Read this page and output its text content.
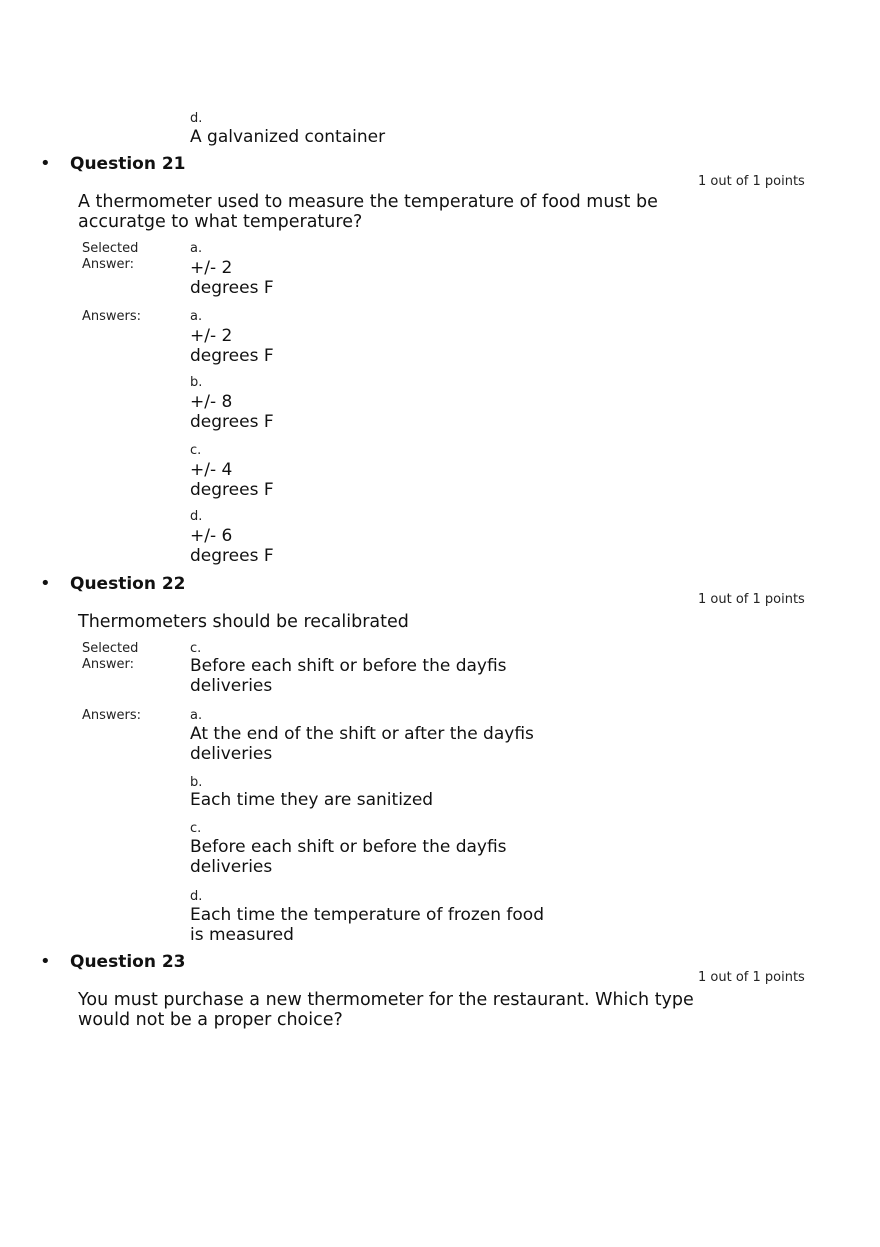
d.
A galvanized container
• Question 21
1 out of 1 points
A thermometer used to measure the temperature of food must be
accuratge to what temperature?
Selected
Answer:
a.
+/- 2
degrees F
Answers:	a.
+/- 2
degrees F
b.
+/- 8
degrees F
c.
+/- 4
degrees F
d.
+/- 6
degrees F
• Question 22
1 out of 1 points
Thermometers should be recalibrated
Selected
Answer:
c.
Before each shift or before the dayfis
deliveries
Answers:	a.
At the end of the shift or after the dayfis
deliveries
b.
Each time they are sanitized
c.
Before each shift or before the dayfis
deliveries
d.
Each time the temperature of frozen food
is measured
• Question 23
1 out of 1 points
You must purchase a new thermometer for the restaurant. Which type
would not be a proper choice?
